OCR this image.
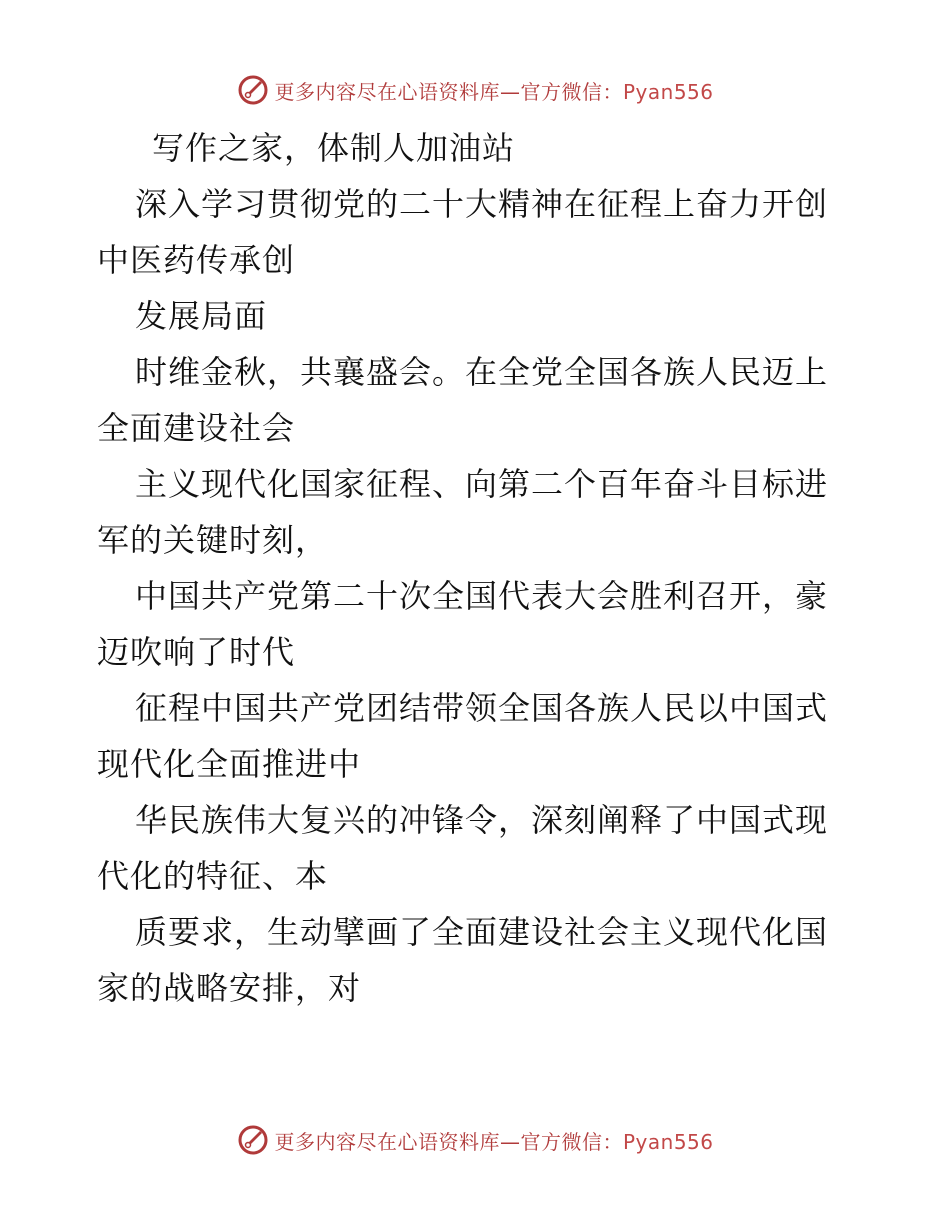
更多内容尽在心语资料库—官方微信：Pyan556
写作之家，体制人加油站
深入学习贯彻党的二十大精神在征程上奋力开创
中医药传承创
发展局面
时维金秋，共襄盛会。在全党全国各族人民迈上
全面建设社会
主义现代化国家征程、向第二个百年奋斗目标进
军的关键时刻，
中国共产党第二十次全国代表大会胜利召开，豪
迈吹响了时代
征程中国共产党团结带领全国各族人民以中国式
现代化全面推进中
华民族伟大复兴的冲锋令，深刻阐释了中国式现
代化的特征、本
质要求，生动擘画了全面建设社会主义现代化国
家的战略安排，对
更多内容尽在心语资料库—官方微信：Pyan556
